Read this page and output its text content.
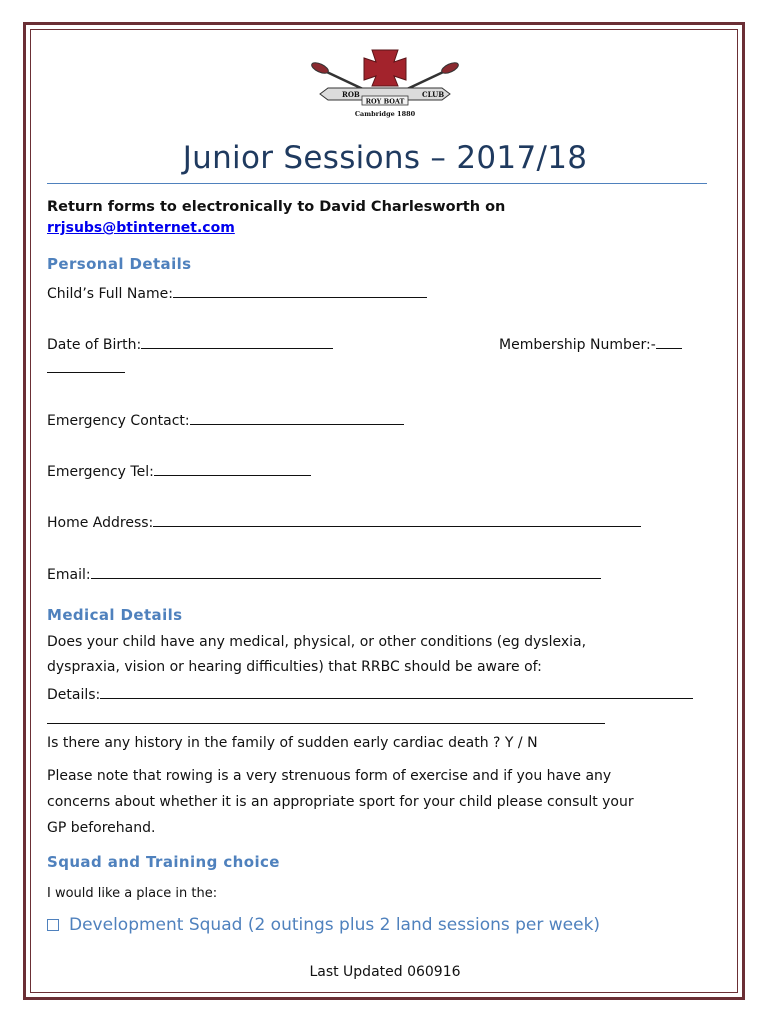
ROB	CLUB
ROY BOAT
Cambridge 1880
Junior Sessions – 2017/18
Return forms to electronically to David Charlesworth on
rrjsubs@btinternet.com
Personal Details
Child’s Full Name:
Date of Birth:	Membership Number:-
Emergency Contact:
Emergency Tel:
Home Address:
Email:
Medical Details
Does your child have any medical, physical, or other conditions (eg dyslexia,
dyspraxia, vision or hearing difficulties) that RRBC should be aware of:
Details:
Is there any history in the family of sudden early cardiac death ? Y / N
Please note that rowing is a very strenuous form of exercise and if you have any
concerns about whether it is an appropriate sport for your child please consult your
GP beforehand.
Squad and Training choice
I would like a place in the:
Development Squad (2 outings plus 2 land sessions per week)
Last Updated 060916
